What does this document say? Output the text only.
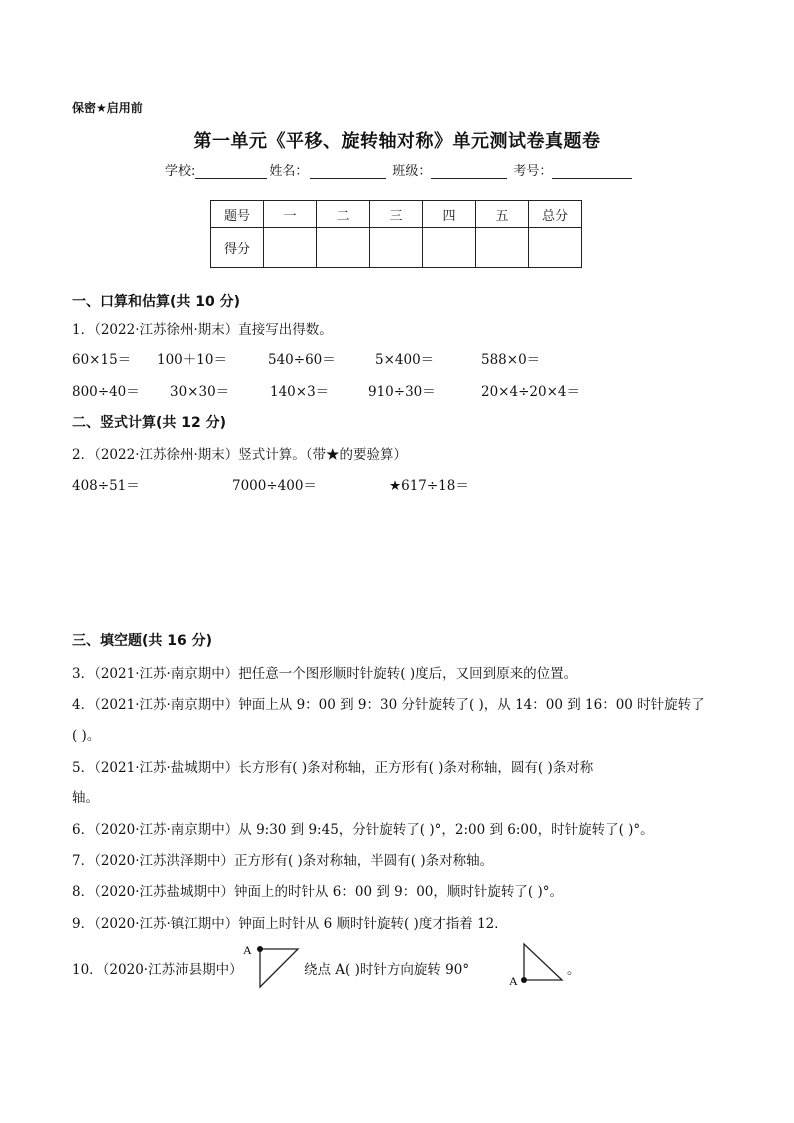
保密★启用前
第一单元《平移、旋转轴对称》单元测试卷真题卷
学校:	姓名：	班级：	考号：
题号	一	二	三	四	五	总分
得分						
一、口算和估算(共 10 分)
1．（2022·江苏徐州·期末）直接写出得数。
60×15＝ 100＋10＝	540÷60＝	5×400＝	588×0＝
800÷40＝ 30×30＝	140×3＝	910÷30＝	20×4÷20×4＝
二、竖式计算(共 12 分)
2．（2022·江苏徐州·期末）竖式计算。（带★的要验算）
408÷51＝	7000÷400＝	★617÷18＝
三、填空题(共 16 分)
3．（2021·江苏·南京期中）把任意一个图形顺时针旋转( )度后，又回到原来的位置。
4．（2021·江苏·南京期中）钟面上从 9：00 到 9：30 分针旋转了( )，从 14：00 到 16：00 时针旋转了
( )。
5．（2021·江苏·盐城期中）长方形有( )条对称轴，正方形有( )条对称轴，圆有( )条对称
轴。
6．（2020·江苏·南京期中）从 9:30 到 9:45，分针旋转了( )°，2:00 到 6:00，时针旋转了( )°。
7．（2020·江苏洪泽期中）正方形有( )条对称轴，半圆有( )条对称轴。
8．（2020·江苏盐城期中）钟面上的时针从 6：00 到 9：00，顺时针旋转了( )°。
9．（2020·江苏·镇江期中）钟面上时针从 6 顺时针旋转( )度才指着 12．
10．（2020·江苏沛县期中）
A
绕点 A( )时针方向旋转 90°
A
。
